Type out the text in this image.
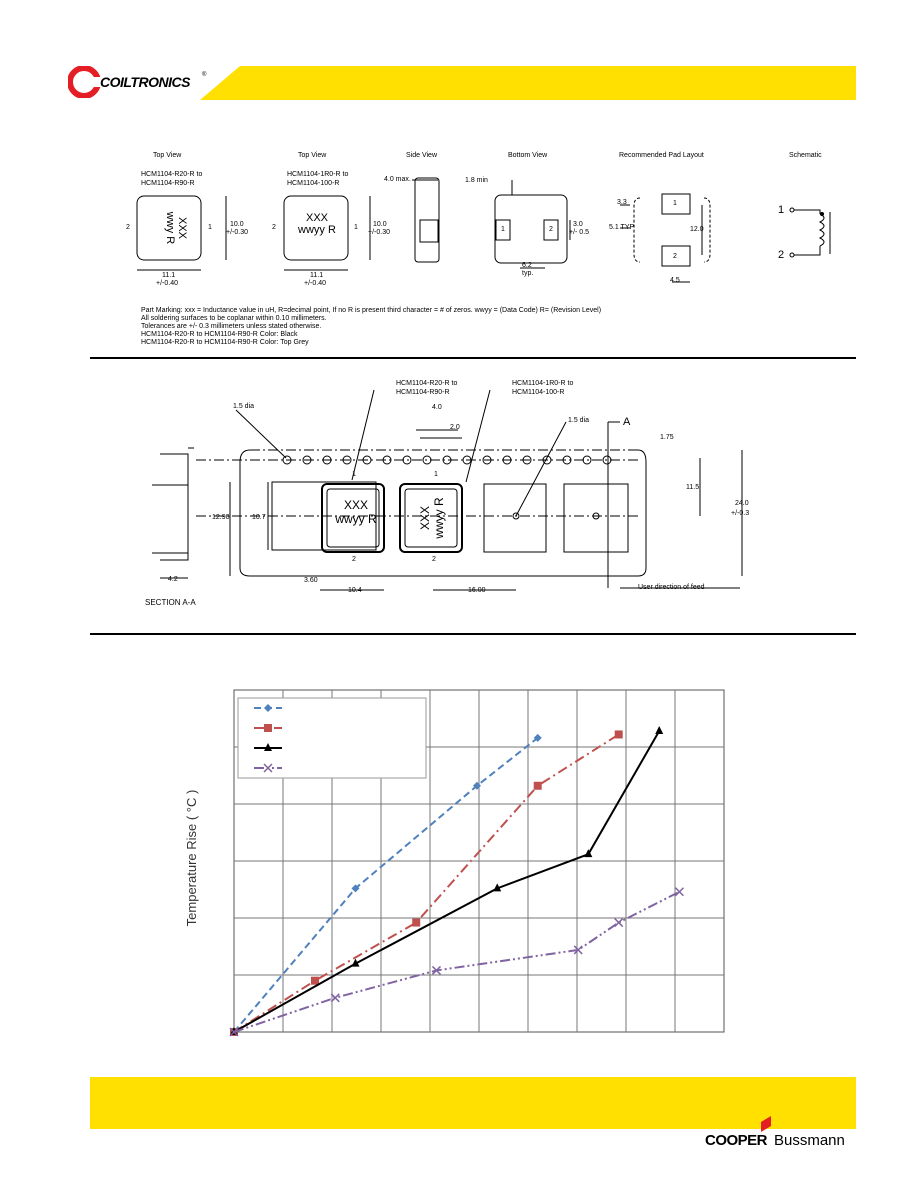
COILTRONICS ®
Top View	Top View	Side View	Bottom View	Recommended Pad Layout	Schematic
HCM1104-R20-R to
HCM1104-R90-R
HCM1104-1R0-R to
HCM1104-100-R
XXX
wwy R	XXX
wwyy R
2	1	2	1
10.0
+/-0.30
10.0
+/-0.30
11.1
+/-0.40
11.1
+/-0.40
4.0 max.	1.8 min
1	2
3.0
+/- 0.5
6.2
typ.
3.3
5.1 TYP	12.0
4.5
1
2
1
2
Part Marking: xxx = Inductance value in uH, R=decimal point, If no R is present third character = # of zeros. wwyy = (Data Code) R= (Revision Level)
All soldering surfaces to be coplanar within 0.10 millimeters.
Tolerances are +/- 0.3 millimeters unless stated otherwise.
HCM1104-R20-R to HCM1104-R90-R Color: Black
HCM1104-R20-R to HCM1104-R90-R Color: Top Grey
HCM1104-R20-R to
HCM1104-R90-R
HCM1104-1R0-R to
HCM1104-100-R
1.5 dia
1.5 dia	A
4.0
2.0
1.75
11.5
24.0
+/-0.3
12.90	10.7
4.2	3.60
10.4	16.00
SECTION A-A
User direction of feed
XXX
wwyy R	XXX wwyy R
1
2
1
2
Temperature Rise ( °C )
COOPER Bussmann
